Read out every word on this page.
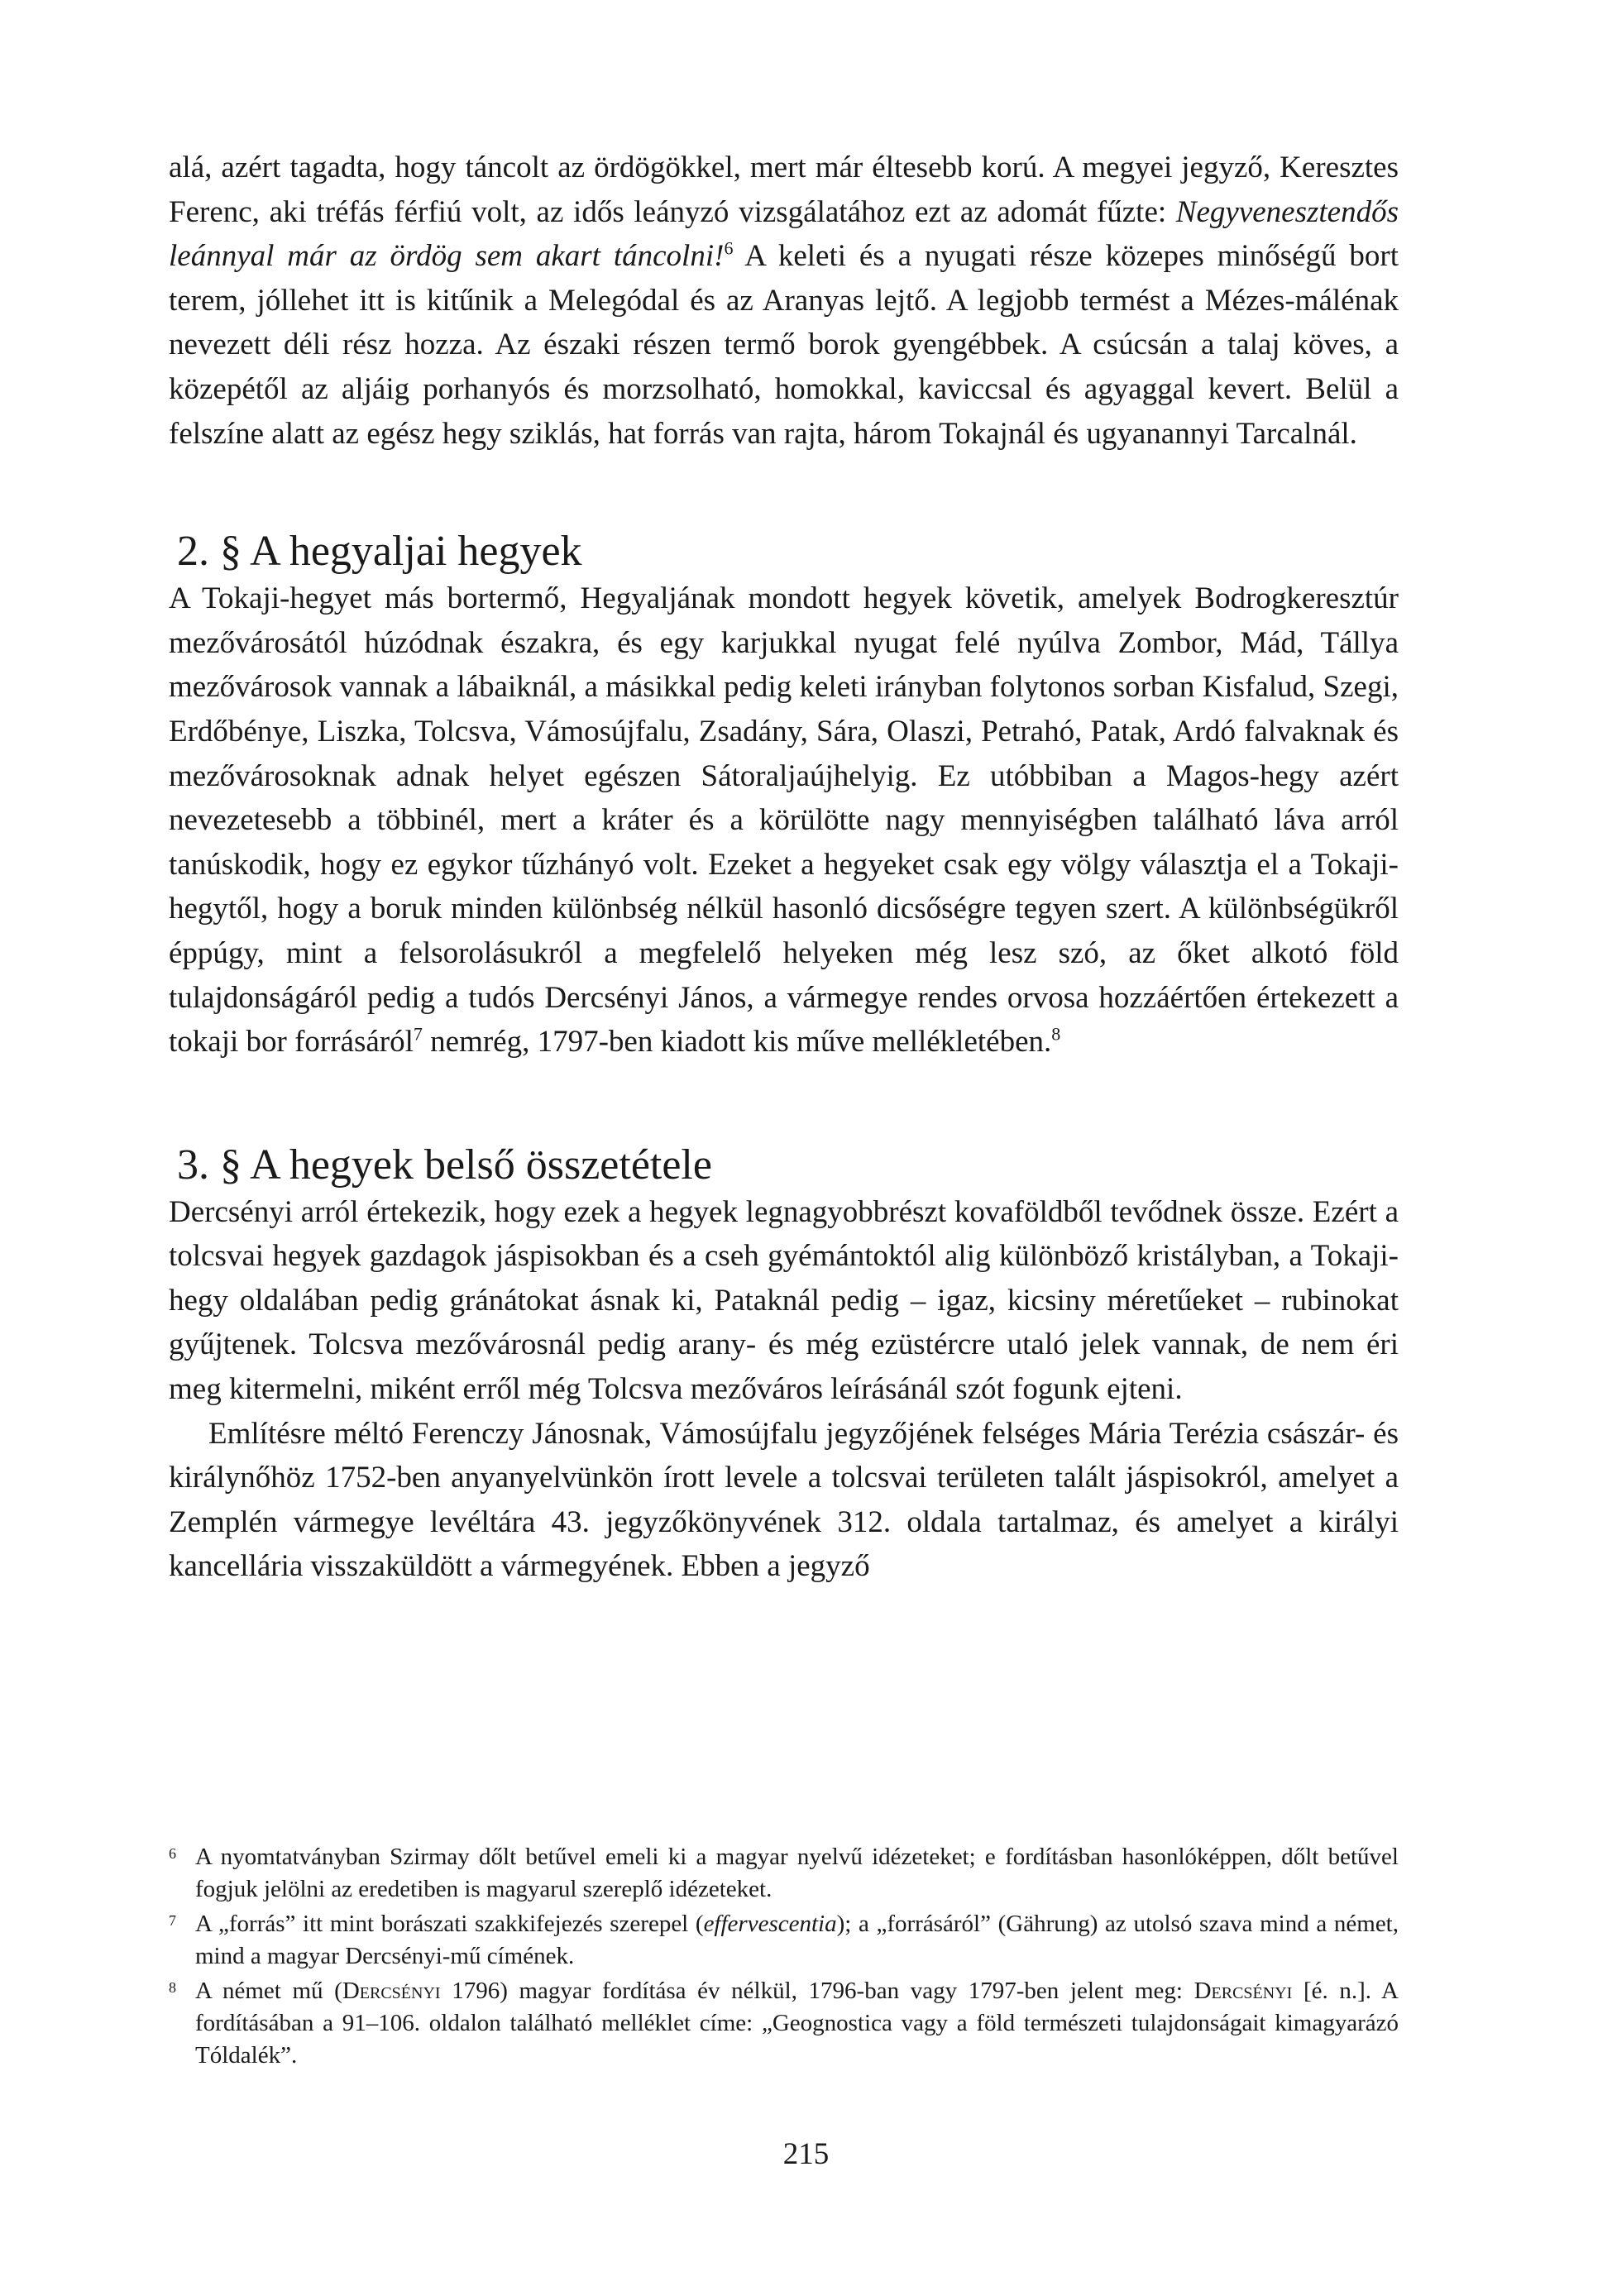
alá, azért tagadta, hogy táncolt az ördögökkel, mert már éltesebb korú. A megyei jegyző, Keresztes Ferenc, aki tréfás férfiú volt, az idős leányzó vizsgálatához ezt az adomát fűzte: Negyvenesztendős leánnyal már az ördög sem akart táncolni!$^6$ A keleti és a nyugati része közepes minőségű bort terem, jóllehet itt is kitűnik a Melegódal és az Aranyas lejtő. A legjobb termést a Mézes-málénak nevezett déli rész hozza. Az északi részen termő borok gyengébbek. A csúcsán a talaj köves, a közepétől az aljáig porhanyós és morzsolható, homokkal, kaviccsal és agyaggal kevert. Belül a felszíne alatt az egész hegy sziklás, hat forrás van rajta, három Tokajnál és ugyanannyi Tarcalnál.

2. § A hegyaljai hegyek

A Tokaji-hegyet más bortermő, Hegyaljának mondott hegyek követik, amelyek Bodrogkeresztúr mezővárosától húzódnak északra, és egy karjukkal nyugat felé nyúlva Zombor, Mád, Tállya mezővárosok vannak a lábaiknál, a másikkal pedig keleti irányban folytonos sorban Kisfalud, Szegi, Erdőbénye, Liszka, Tolcsva, Vámosújfalu, Zsadány, Sára, Olaszi, Petrahó, Patak, Ardó falvaknak és mezővárosoknak adnak helyet egészen Sátoraljaújhelyig. Ez utóbbiban a Magos-hegy azért nevezetesebb a többinél, mert a kráter és a körülötte nagy mennyiségben található láva arról tanúskodik, hogy ez egykor tűzhányó volt. Ezeket a hegyeket csak egy völgy választja el a Tokaji-hegytől, hogy a boruk minden különbség nélkül hasonló dicsőségre tegyen szert. A különbségükről éppúgy, mint a felsorolásukról a megfelelő helyeken még lesz szó, az őket alkotó föld tulajdonságáról pedig a tudós Dercsényi János, a vármegye rendes orvosa hozzáértően értekezett a tokaji bor forrásáról$^7$ nemrég, 1797-ben kiadott kis műve mellékletében.$^8$

3. § A hegyek belső összetétele

Dercsényi arról értekezik, hogy ezek a hegyek legnagyobbrészt kovaföldből tevődnek össze. Ezért a tolcsvai hegyek gazdagok jáspisokban és a cseh gyémántoktól alig különböző kristályban, a Tokaji-hegy oldalában pedig gránátokat ásnak ki, Pataknál pedig – igaz, kicsiny méretűeket – rubinokat gyűjtenek. Tolcsva mezővárosnál pedig arany- és még ezüstércre utaló jelek vannak, de nem éri meg kitermelni, miként erről még Tolcsva mezőváros leírásánál szót fogunk ejteni.

Említésre méltó Ferenczy Jánosnak, Vámosújfalu jegyzőjének felséges Mária Terézia császár- és királynőhöz 1752-ben anyanyelvünkön írott levele a tolcsvai területen talált jáspisokról, amelyet a Zemplén vármegye levéltára 43. jegyzőkönyvének 312. oldala tartalmaz, és amelyet a királyi kancellária visszaküldött a vármegyének. Ebben a jegyző

6 A nyomtatványban Szirmay dőlt betűvel emeli ki a magyar nyelvű idézeteket; e fordításban hasonlóképpen, dőlt betűvel fogjuk jelölni az eredetiben is magyarul szereplő idézeteket.

7 A „forrás” itt mint borászati szakkifejezés szerepel (effervescentia); a „forrásáról” (Gährung) az utolsó szava mind a német, mind a magyar Dercsényi-mű címének.

8 A német mű (Dercsényi 1796) magyar fordítása év nélkül, 1796-ban vagy 1797-ben jelent meg: Dercsényi [é. n.]. A fordításában a 91–106. oldalon található melléklet címe: „Geognostica vagy a föld természeti tulajdonságait kimagyarázó Tóldalék”.

215
